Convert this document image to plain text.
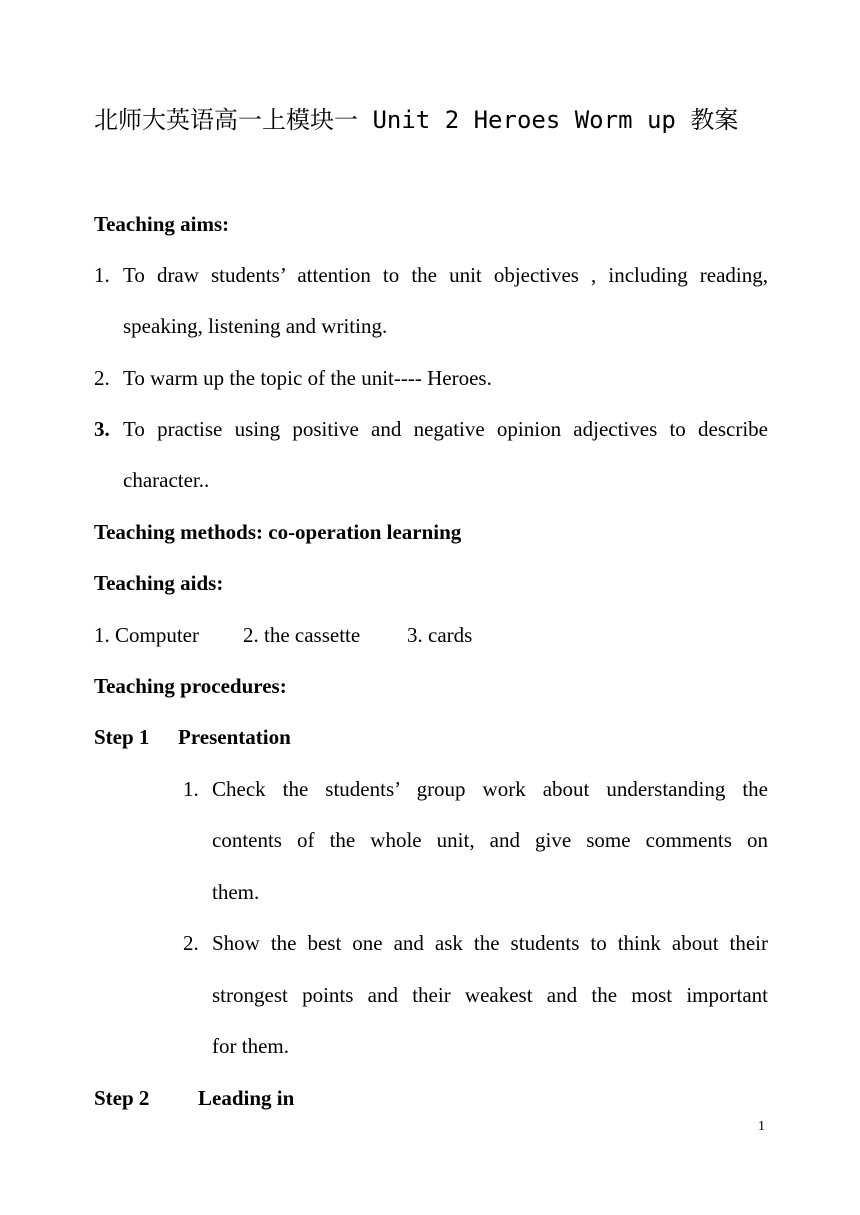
北师大英语高一上模块一 Unit 2 Heroes Worm up 教案
Teaching aims:
1. To draw students’ attention to the unit objectives , including reading,
speaking, listening and writing.
2. To warm up the topic of the unit---- Heroes.
3. To practise using positive and negative opinion adjectives to describe
character..
Teaching methods: co-operation learning
Teaching aids:
1. Computer 2. the cassette 3. cards
Teaching procedures:
Step 1 Presentation
1. Check the students’ group work about understanding the
contents of the whole unit, and give some comments on
them.
2. Show the best one and ask the students to think about their
strongest points and their weakest and the most important
for them.
Step 2 Leading in
1
